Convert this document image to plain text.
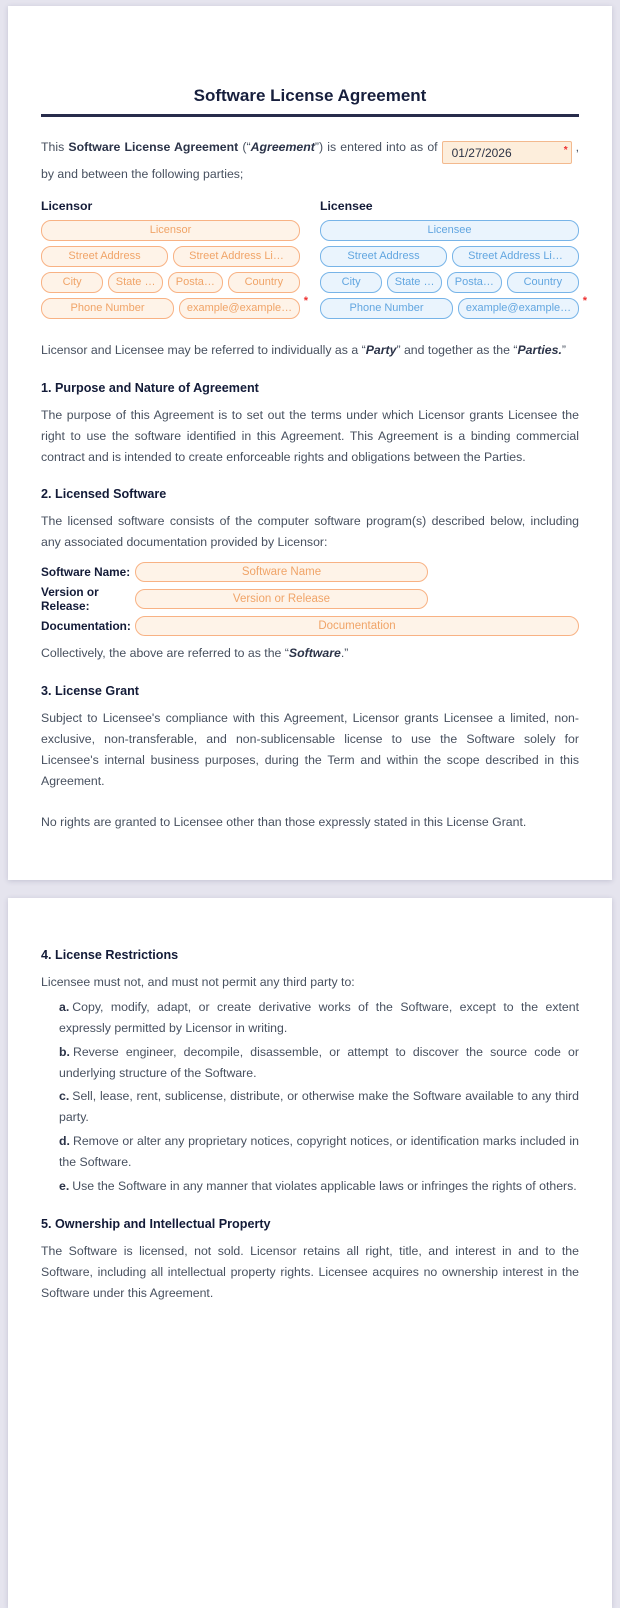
Software License Agreement

This Software License Agreement (“Agreement”) is entered into as of01/27/2026	* , by and between the following parties;

Licensor
Licensor
Street Address
Street Address Li…
City
State …
Posta…
Country
Phone Number
example@example…
*
Licensee
Licensee
Street Address
Street Address Li…
City
State …
Posta…
Country
Phone Number
example@example…
*

Licensor and Licensee may be referred to individually as a “Party” and together as the “Parties.”

1. Purpose and Nature of Agreement

The purpose of this Agreement is to set out the terms under which Licensor grants Licensee the right to use the software identified in this Agreement. This Agreement is a binding commercial contract and is intended to create enforceable rights and obligations between the Parties.

2. Licensed Software

The licensed software consists of the computer software program(s) described below, including any associated documentation provided by Licensor:

Software Name:
Software Name
Version or Release:
Version or Release
Documentation:
Documentation

Collectively, the above are referred to as the “Software.”

3. License Grant

Subject to Licensee's compliance with this Agreement, Licensor grants Licensee a limited, non-exclusive, non-transferable, and non-sublicensable license to use the Software solely for Licensee's internal business purposes, during the Term and within the scope described in this Agreement.

No rights are granted to Licensee other than those expressly stated in this License Grant.

4. License Restrictions

Licensee must not, and must not permit any third party to:

a. Copy, modify, adapt, or create derivative works of the Software, except to the extent expressly permitted by Licensor in writing.
b. Reverse engineer, decompile, disassemble, or attempt to discover the source code or underlying structure of the Software.
c. Sell, lease, rent, sublicense, distribute, or otherwise make the Software available to any third party.
d. Remove or alter any proprietary notices, copyright notices, or identification marks included in the Software.
e. Use the Software in any manner that violates applicable laws or infringes the rights of others.
5. Ownership and Intellectual Property

The Software is licensed, not sold. Licensor retains all right, title, and interest in and to the Software, including all intellectual property rights. Licensee acquires no ownership interest in the Software under this Agreement.
